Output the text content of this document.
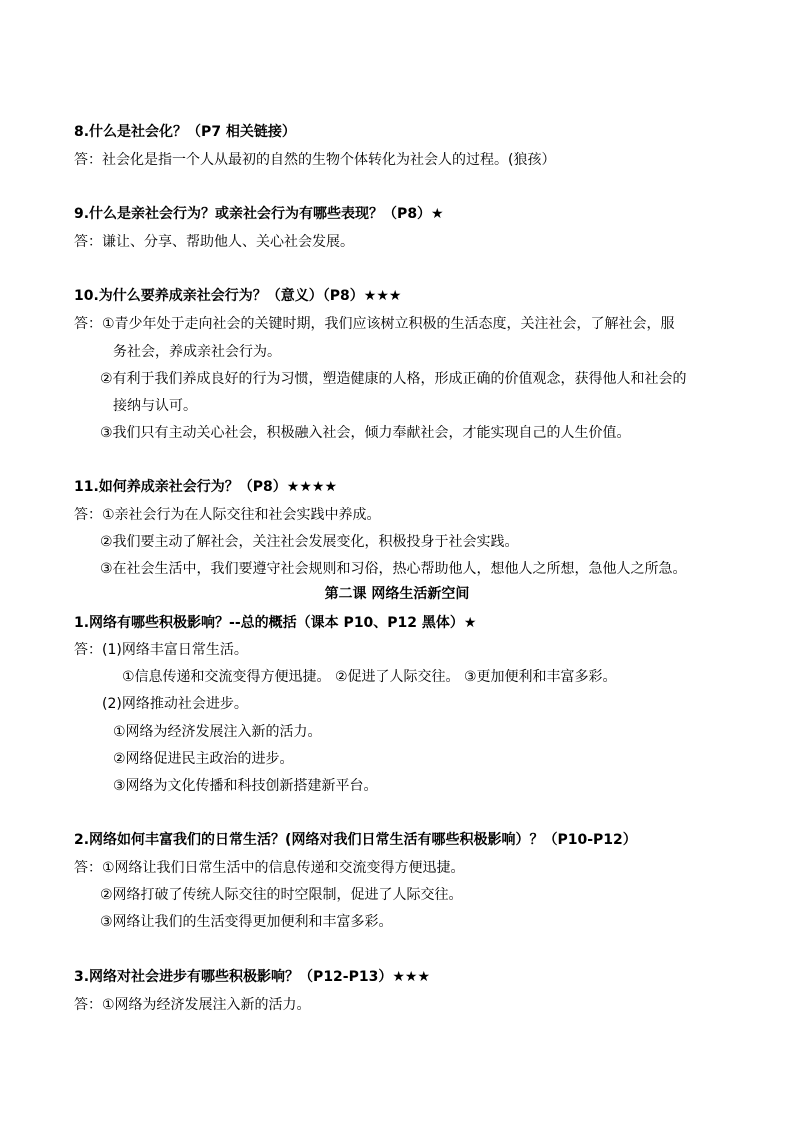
8.什么是社会化？（P7 相关链接）
答：社会化是指一个人从最初的自然的生物个体转化为社会人的过程。(狼孩）
9.什么是亲社会行为？或亲社会行为有哪些表现？（P8）★
答：谦让、分享、帮助他人、关心社会发展。
10.为什么要养成亲社会行为？（意义）（P8）★★★
答：①青少年处于走向社会的关键时期，我们应该树立积极的生活态度，关注社会，了解社会，服
务社会，养成亲社会行为。
②有利于我们养成良好的行为习惯，塑造健康的人格，形成正确的价值观念，获得他人和社会的
接纳与认可。
③我们只有主动关心社会，积极融入社会，倾力奉献社会，才能实现自己的人生价值。
11.如何养成亲社会行为？（P8）★★★★
答：①亲社会行为在人际交往和社会实践中养成。
②我们要主动了解社会，关注社会发展变化，积极投身于社会实践。
③在社会生活中，我们要遵守社会规则和习俗，热心帮助他人，想他人之所想，急他人之所急。
第二课 网络生活新空间
1.网络有哪些积极影响？--总的概括（课本 P10、P12 黑体）★
答：(1)网络丰富日常生活。
①信息传递和交流变得方便迅捷。 ②促进了人际交往。 ③更加便利和丰富多彩。
(2)网络推动社会进步。
①网络为经济发展注入新的活力。
②网络促进民主政治的进步。
③网络为文化传播和科技创新搭建新平台。
2.网络如何丰富我们的日常生活？(网络对我们日常生活有哪些积极影响）？（P10-P12）
答：①网络让我们日常生活中的信息传递和交流变得方便迅捷。
②网络打破了传统人际交往的时空限制，促进了人际交往。
③网络让我们的生活变得更加便利和丰富多彩。
3.网络对社会进步有哪些积极影响？（P12-P13）★★★
答：①网络为经济发展注入新的活力。
